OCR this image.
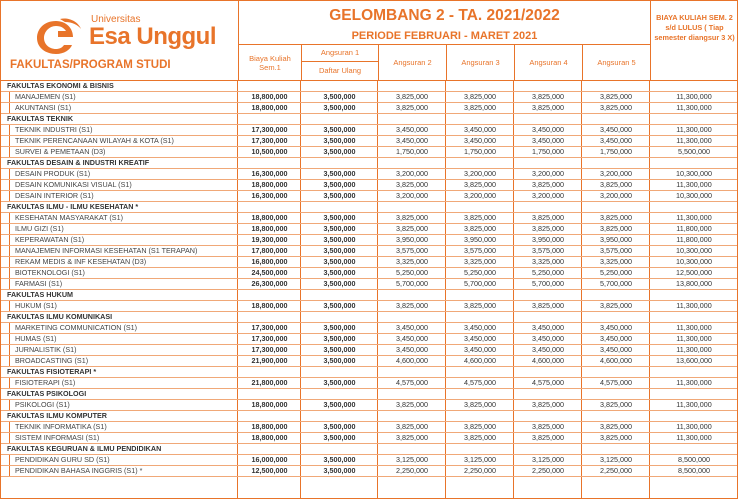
Universitas
Esa Unggul
FAKULTAS/PROGRAM STUDI
GELOMBANG 2 - TA. 2021/2022
PERIODE FEBRUARI - MARET 2021
Biaya Kuliah Sem.1
Angsuran 1
Daftar Ulang
Angsuran 2	Angsuran 3	Angsuran 4	Angsuran 5
BIAYA KULIAH SEM. 2 s/d LULUS ( Tiap semester diangsur 3 X)
FAKULTAS EKONOMI & BISNIS
MANAJEMEN (S1)	18,800,000	3,500,000	3,825,000	3,825,000	3,825,000	3,825,000	11,300,000
AKUNTANSI (S1)	18,800,000	3,500,000	3,825,000	3,825,000	3,825,000	3,825,000	11,300,000
FAKULTAS TEKNIK
TEKNIK INDUSTRI (S1)	17,300,000	3,500,000	3,450,000	3,450,000	3,450,000	3,450,000	11,300,000
TEKNIK PERENCANAAN WILAYAH & KOTA (S1)	17,300,000	3,500,000	3,450,000	3,450,000	3,450,000	3,450,000	11,300,000
SURVEI & PEMETAAN (D3)	10,500,000	3,500,000	1,750,000	1,750,000	1,750,000	1,750,000	5,500,000
FAKULTAS DESAIN & INDUSTRI KREATIF
DESAIN PRODUK (S1)	16,300,000	3,500,000	3,200,000	3,200,000	3,200,000	3,200,000	10,300,000
DESAIN KOMUNIKASI VISUAL (S1)	18,800,000	3,500,000	3,825,000	3,825,000	3,825,000	3,825,000	11,300,000
DESAIN INTERIOR (S1)	16,300,000	3,500,000	3,200,000	3,200,000	3,200,000	3,200,000	10,300,000
FAKULTAS ILMU - ILMU KESEHATAN *
KESEHATAN MASYARAKAT (S1)	18,800,000	3,500,000	3,825,000	3,825,000	3,825,000	3,825,000	11,300,000
ILMU GIZI (S1)	18,800,000	3,500,000	3,825,000	3,825,000	3,825,000	3,825,000	11,800,000
KEPERAWATAN (S1)	19,300,000	3,500,000	3,950,000	3,950,000	3,950,000	3,950,000	11,800,000
MANAJEMEN INFORMASI KESEHATAN (S1 TERAPAN)	17,800,000	3,500,000	3,575,000	3,575,000	3,575,000	3,575,000	10,300,000
REKAM MEDIS & INF KESEHATAN (D3)	16,800,000	3,500,000	3,325,000	3,325,000	3,325,000	3,325,000	10,300,000
BIOTEKNOLOGI (S1)	24,500,000	3,500,000	5,250,000	5,250,000	5,250,000	5,250,000	12,500,000
FARMASI (S1)	26,300,000	3,500,000	5,700,000	5,700,000	5,700,000	5,700,000	13,800,000
FAKULTAS HUKUM
HUKUM (S1)	18,800,000	3,500,000	3,825,000	3,825,000	3,825,000	3,825,000	11,300,000
FAKULTAS ILMU KOMUNIKASI
MARKETING COMMUNICATION (S1)	17,300,000	3,500,000	3,450,000	3,450,000	3,450,000	3,450,000	11,300,000
HUMAS (S1)	17,300,000	3,500,000	3,450,000	3,450,000	3,450,000	3,450,000	11,300,000
JURNALISTIK (S1)	17,300,000	3,500,000	3,450,000	3,450,000	3,450,000	3,450,000	11,300,000
BROADCASTING (S1)	21,900,000	3,500,000	4,600,000	4,600,000	4,600,000	4,600,000	13,600,000
FAKULTAS FISIOTERAPI *
FISIOTERAPI (S1)	21,800,000	3,500,000	4,575,000	4,575,000	4,575,000	4,575,000	11,300,000
FAKULTAS PSIKOLOGI
PSIKOLOGI (S1)	18,800,000	3,500,000	3,825,000	3,825,000	3,825,000	3,825,000	11,300,000
FAKULTAS ILMU KOMPUTER
TEKNIK INFORMATIKA (S1)	18,800,000	3,500,000	3,825,000	3,825,000	3,825,000	3,825,000	11,300,000
SISTEM INFORMASI (S1)	18,800,000	3,500,000	3,825,000	3,825,000	3,825,000	3,825,000	11,300,000
FAKULTAS KEGURUAN & ILMU PENDIDIKAN
PENDIDIKAN GURU SD (S1)	16,000,000	3,500,000	3,125,000	3,125,000	3,125,000	3,125,000	8,500,000
PENDIDIKAN BAHASA INGGRIS (S1) *	12,500,000	3,500,000	2,250,000	2,250,000	2,250,000	2,250,000	8,500,000
